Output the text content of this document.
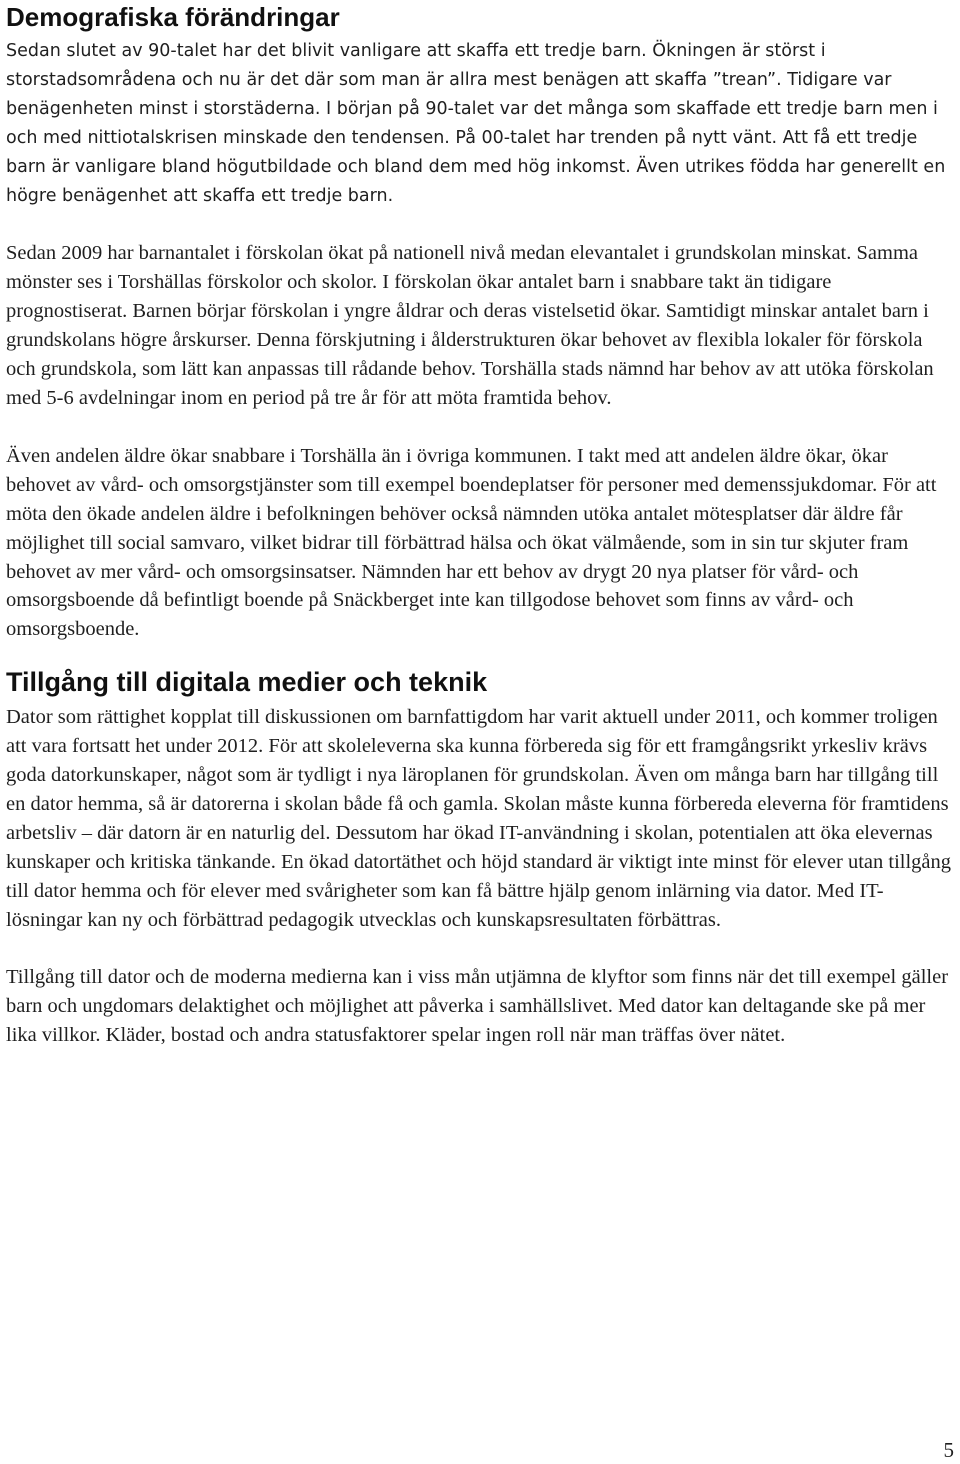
Demografiska förändringar

Sedan slutet av 90-talet har det blivit vanligare att skaffa ett tredje barn. Ökningen är störst i storstadsområdena och nu är det där som man är allra mest benägen att skaffa ”trean”. Tidigare var benägenheten minst i storstäderna. I början på 90-talet var det många som skaffade ett tredje barn men i och med nittiotalskrisen minskade den tendensen. På 00-talet har trenden på nytt vänt. Att få ett tredje barn är vanligare bland högutbildade och bland dem med hög inkomst. Även utrikes födda har generellt en högre benägenhet att skaffa ett tredje barn.

Sedan 2009 har barnantalet i förskolan ökat på nationell nivå medan elevantalet i grundskolan minskat. Samma mönster ses i Torshällas förskolor och skolor. I förskolan ökar antalet barn i snabbare takt än tidigare prognostiserat. Barnen börjar förskolan i yngre åldrar och deras vistelsetid ökar. Samtidigt minskar antalet barn i grundskolans högre årskurser. Denna förskjutning i ålderstrukturen ökar behovet av flexibla lokaler för förskola och grundskola, som lätt kan anpassas till rådande behov. Torshälla stads nämnd har behov av att utöka förskolan med 5-6 avdelningar inom en period på tre år för att möta framtida behov.

Även andelen äldre ökar snabbare i Torshälla än i övriga kommunen. I takt med att andelen äldre ökar, ökar behovet av vård- och omsorgstjänster som till exempel boendeplatser för personer med demenssjukdomar. För att möta den ökade andelen äldre i befolkningen behöver också nämnden utöka antalet mötesplatser där äldre får möjlighet till social samvaro, vilket bidrar till förbättrad hälsa och ökat välmående, som in sin tur skjuter fram behovet av mer vård- och omsorgsinsatser. Nämnden har ett behov av drygt 20 nya platser för vård- och omsorgsboende då befintligt boende på Snäckberget inte kan tillgodose behovet som finns av vård- och omsorgsboende.

Tillgång till digitala medier och teknik

Dator som rättighet kopplat till diskussionen om barnfattigdom har varit aktuell under 2011, och kommer troligen att vara fortsatt het under 2012. För att skoleleverna ska kunna förbereda sig för ett framgångsrikt yrkesliv krävs goda datorkunskaper, något som är tydligt i nya läroplanen för grundskolan. Även om många barn har tillgång till en dator hemma, så är datorerna i skolan både få och gamla. Skolan måste kunna förbereda eleverna för framtidens arbetsliv – där datorn är en naturlig del. Dessutom har ökad IT-användning i skolan, potentialen att öka elevernas kunskaper och kritiska tänkande. En ökad datortäthet och höjd standard är viktigt inte minst för elever utan tillgång till dator hemma och för elever med svårigheter som kan få bättre hjälp genom inlärning via dator. Med IT-lösningar kan ny och förbättrad pedagogik utvecklas och kunskapsresultaten förbättras.

Tillgång till dator och de moderna medierna kan i viss mån utjämna de klyftor som finns när det till exempel gäller barn och ungdomars delaktighet och möjlighet att påverka i samhällslivet. Med dator kan deltagande ske på mer lika villkor. Kläder, bostad och andra statusfaktorer spelar ingen roll när man träffas över nätet.

5
